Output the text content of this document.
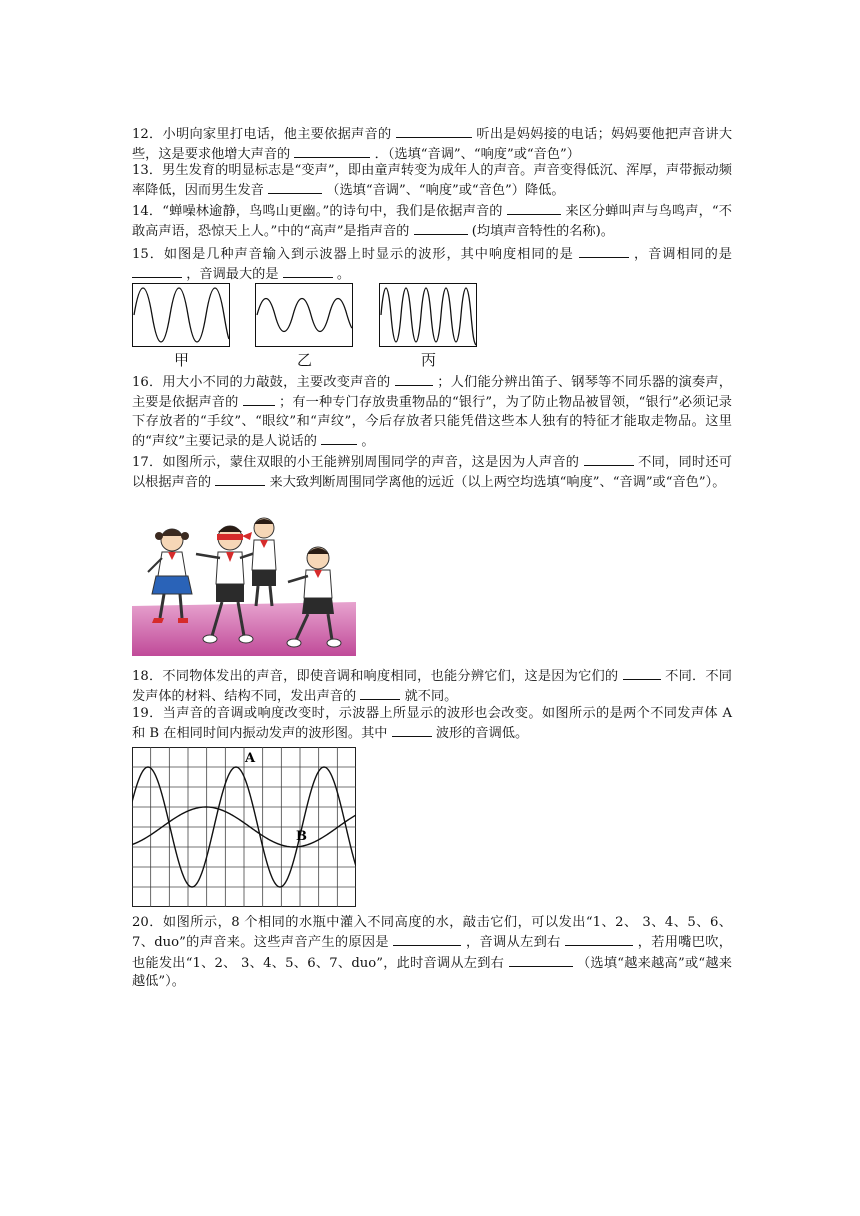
12．小明向家里打电话，他主要依据声音的	听出是妈妈接的电话；妈妈要他把声音讲大些，这是要求他增大声音的	．（选填“音调”、“响度”或“音色”）
13．男生发育的明显标志是“变声”，即由童声转变为成年人的声音。声音变得低沉、浑厚，声带振动频率降低，因而男生发音	（选填“音调”、“响度”或“音色”）降低。
14．“蝉噪林逾静，鸟鸣山更幽。”的诗句中，我们是依据声音的	来区分蝉叫声与鸟鸣声，“不敢高声语，恐惊天上人。”中的“高声”是指声音的	(均填声音特性的名称)。
15．如图是几种声音输入到示波器上时显示的波形，其中响度相同的是	，音调相同的是  ，音调最大的是	。
甲	乙	丙
16．用大小不同的力敲鼓，主要改变声音的	；人们能分辨出笛子、钢琴等不同乐器的演奏声，主要是依据声音的	；有一种专门存放贵重物品的“银行”，为了防止物品被冒领，“银行”必须记录下存放者的“手纹”、“眼纹”和“声纹”，今后存放者只能凭借这些本人独有的特征才能取走物品。这里的“声纹”主要记录的是人说话的	。
17．如图所示，蒙住双眼的小王能辨别周围同学的声音，这是因为人声音的	不同，同时还可以根据声音的	来大致判断周围同学离他的远近（以上两空均选填“响度”、“音调”或“音色”）。
18．不同物体发出的声音，即使音调和响度相同，也能分辨它们，这是因为它们的	不同．不同发声体的材料、结构不同，发出声音的	就不同。
19．当声音的音调或响度改变时，示波器上所显示的波形也会改变。如图所示的是两个不同发声体 A 和 B 在相同时间内振动发声的波形图。其中	波形的音调低。
A
B
20．如图所示，8 个相同的水瓶中灌入不同高度的水，敲击它们，可以发出“1、2、 3、4、5、6、7、duo”的声音来。这些声音产生的原因是	，音调从左到右	，若用嘴巴吹，也能发出“1、2、 3、4、5、6、7、duo”，此时音调从左到右	（选填“越来越高”或“越来越低”）。
